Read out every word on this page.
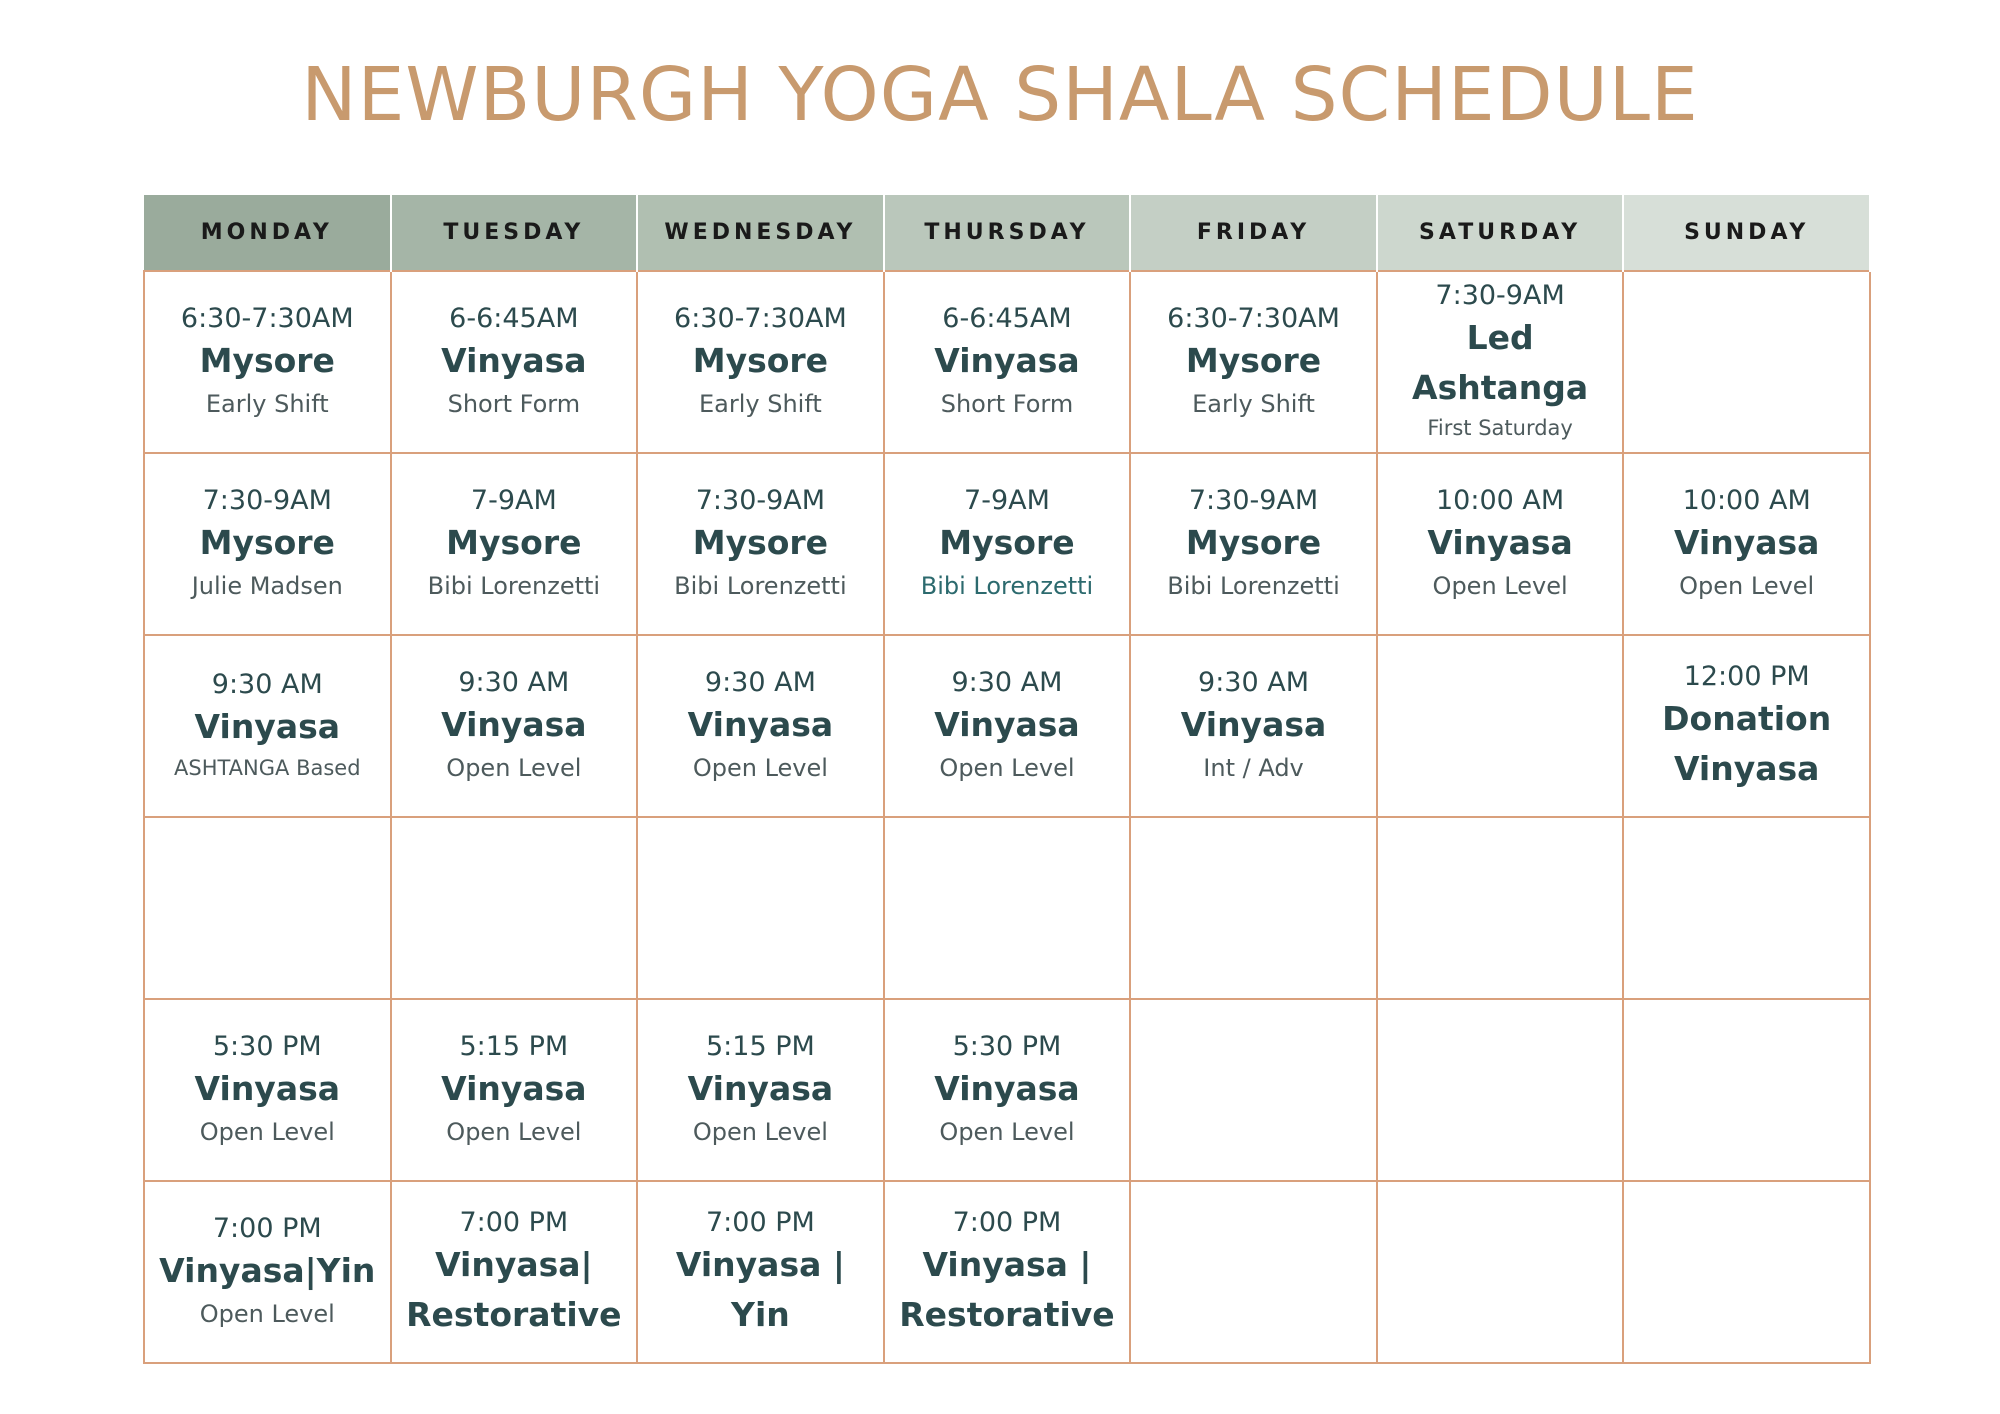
NEWBURGH YOGA SHALA SCHEDULE
MONDAY	TUESDAY	WEDNESDAY	THURSDAY	FRIDAY	SATURDAY	SUNDAY

6:30-7:30AM
Mysore
Early Shift	6-6:45AM
Vinyasa
Short Form	6:30-7:30AM
Mysore
Early Shift	6-6:45AM
Vinyasa
Short Form	6:30-7:30AM
Mysore
Early Shift	7:30-9AM
Led Ashtanga
First Saturday	

7:30-9AM
Mysore
Julie Madsen	7-9AM
Mysore
Bibi Lorenzetti	7:30-9AM
Mysore
Bibi Lorenzetti	7-9AM
Mysore
Bibi Lorenzetti	7:30-9AM
Mysore
Bibi Lorenzetti	10:00 AM
Vinyasa
Open Level	10:00 AM
Vinyasa
Open Level

9:30 AM
Vinyasa
ASHTANGA Based	9:30 AM
Vinyasa
Open Level	9:30 AM
Vinyasa
Open Level	9:30 AM
Vinyasa
Open Level	9:30 AM
Vinyasa
Int / Adv		12:00 PM
Donation Vinyasa

5:30 PM
Vinyasa
Open Level	5:15 PM
Vinyasa
Open Level	5:15 PM
Vinyasa
Open Level	5:30 PM
Vinyasa
Open Level			

7:00 PM
Vinyasa|Yin
Open Level	7:00 PM
Vinyasa| Restorative	7:00 PM
Vinyasa | Yin	7:00 PM
Vinyasa | Restorative			
